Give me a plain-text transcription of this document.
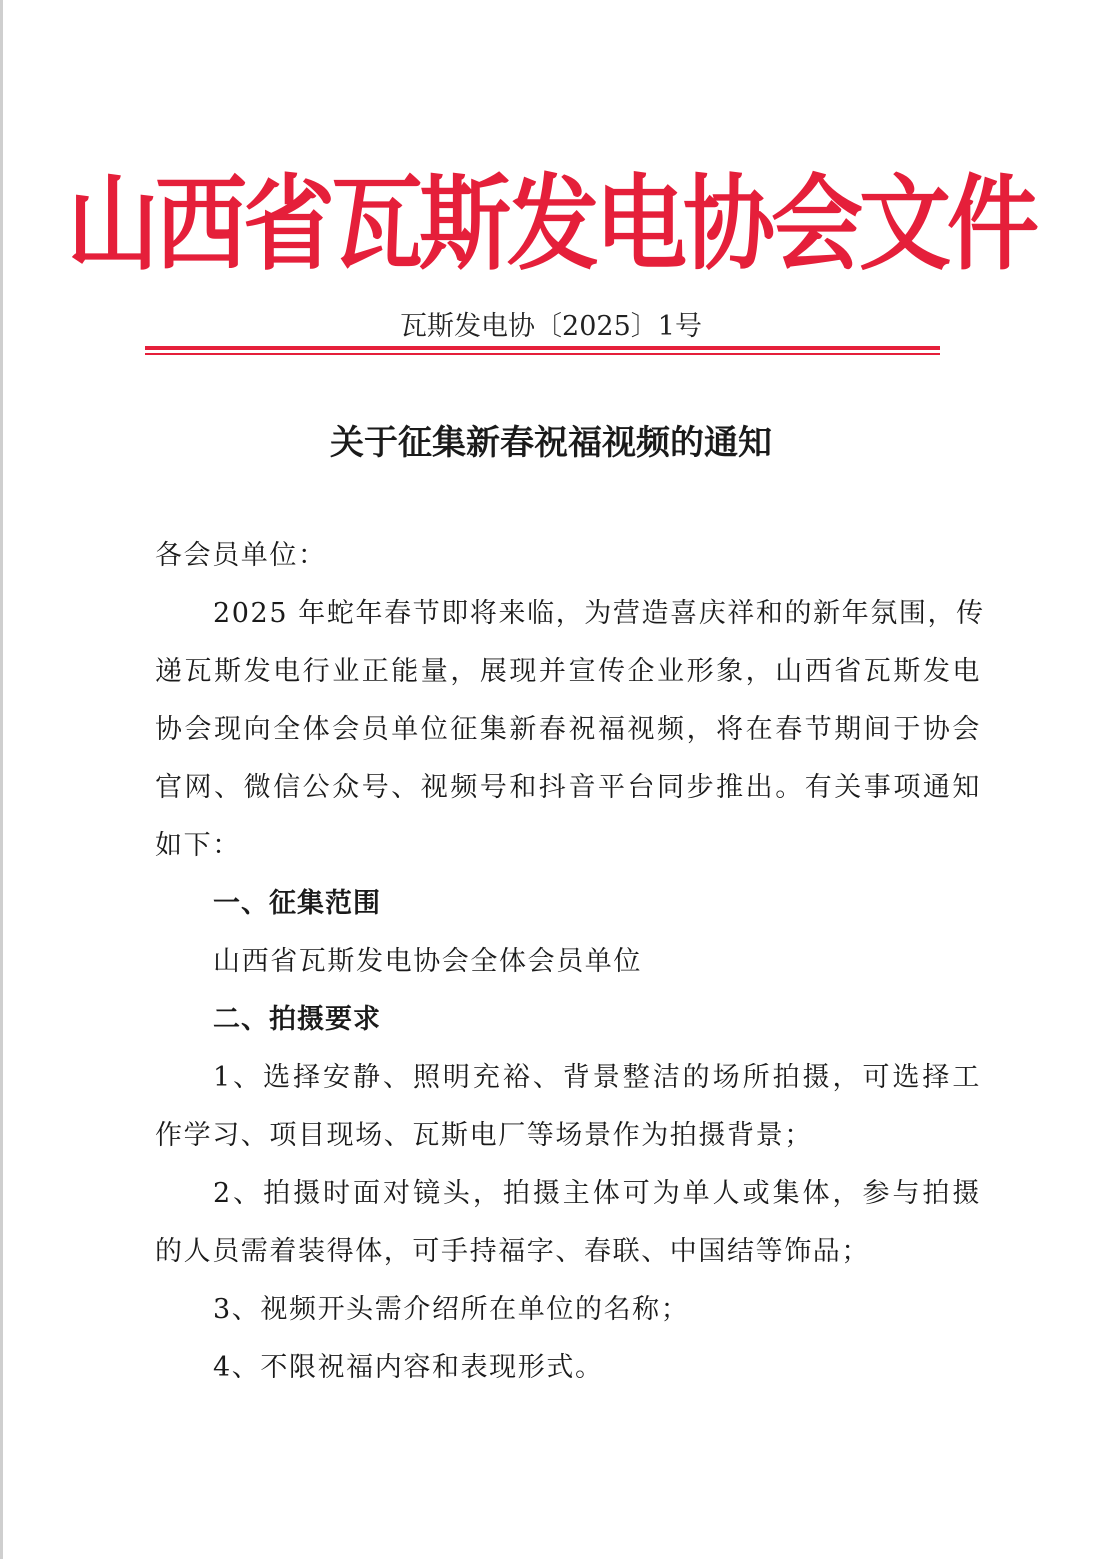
山西省瓦斯发电协会文件
瓦斯发电协〔2025〕1号
关于征集新春祝福视频的通知
各会员单位：
2025 年蛇年春节即将来临，为营造喜庆祥和的新年氛围，传
递瓦斯发电行业正能量，展现并宣传企业形象，山西省瓦斯发电
协会现向全体会员单位征集新春祝福视频，将在春节期间于协会
官网、微信公众号、视频号和抖音平台同步推出。有关事项通知
如下：
一、征集范围
山西省瓦斯发电协会全体会员单位
二、拍摄要求
1、选择安静、照明充裕、背景整洁的场所拍摄，可选择工
作学习、项目现场、瓦斯电厂等场景作为拍摄背景；
2、拍摄时面对镜头，拍摄主体可为单人或集体，参与拍摄
的人员需着装得体，可手持福字、春联、中国结等饰品；
3、视频开头需介绍所在单位的名称；
4、不限祝福内容和表现形式。
